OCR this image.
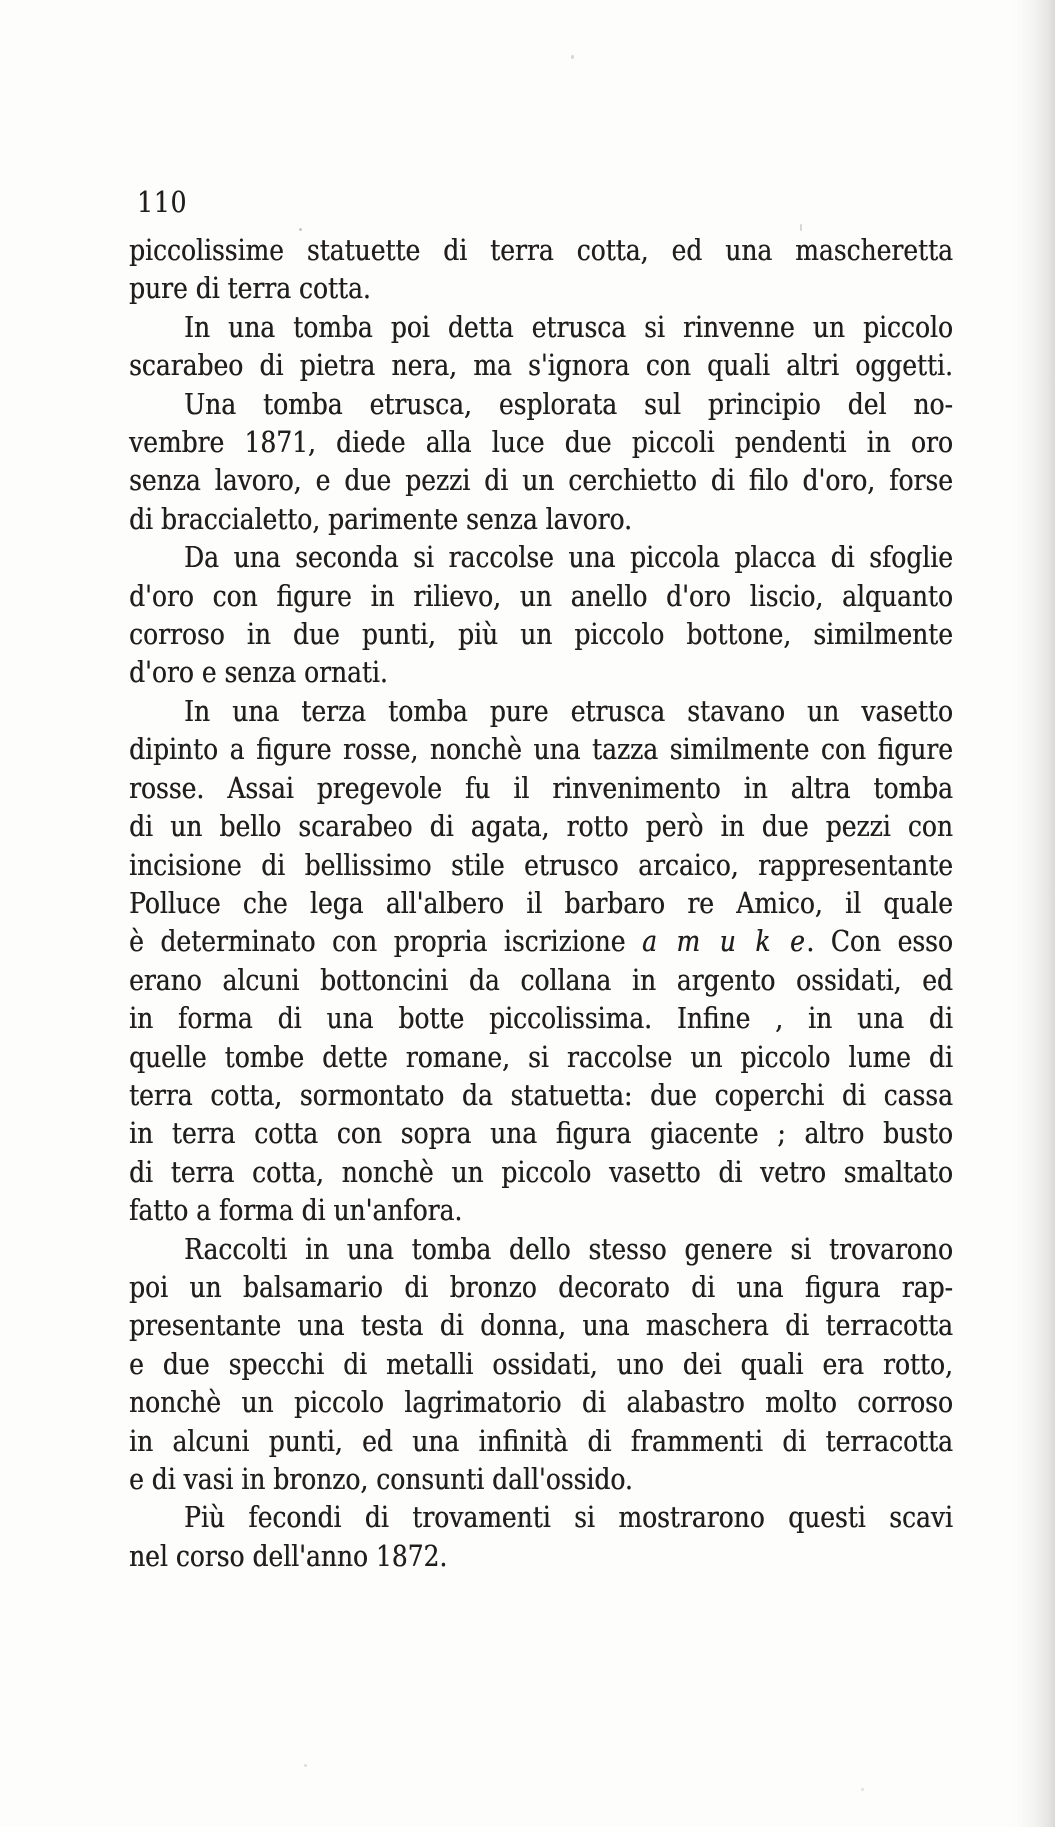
110
piccolissime statuette di terra cotta, ed una mascheretta
pure di terra cotta.
In una tomba poi detta etrusca si rinvenne un piccolo
scarabeo di pietra nera, ma s'ignora con quali altri oggetti.
Una tomba etrusca, esplorata sul principio del no-
vembre 1871, diede alla luce due piccoli pendenti in oro
senza lavoro, e due pezzi di un cerchietto di filo d'oro, forse
di braccialetto, parimente senza lavoro.
Da una seconda si raccolse una piccola placca di sfoglie
d'oro con figure in rilievo, un anello d'oro liscio, alquanto
corroso in due punti, più un piccolo bottone, similmente
d'oro e senza ornati.
In una terza tomba pure etrusca stavano un vasetto
dipinto a figure rosse, nonchè una tazza similmente con figure
rosse. Assai pregevole fu il rinvenimento in altra tomba
di un bello scarabeo di agata, rotto però in due pezzi con
incisione di bellissimo stile etrusco arcaico, rappresentante
Polluce che lega all'albero il barbaro re Amico, il quale
è determinato con propria iscrizione a m u k e. Con esso
erano alcuni bottoncini da collana in argento ossidati, ed
in forma di una botte piccolissima. Infine , in una di
quelle tombe dette romane, si raccolse un piccolo lume di
terra cotta, sormontato da statuetta: due coperchi di cassa
in terra cotta con sopra una figura giacente ; altro busto
di terra cotta, nonchè un piccolo vasetto di vetro smaltato
fatto a forma di un'anfora.
Raccolti in una tomba dello stesso genere si trovarono
poi un balsamario di bronzo decorato di una figura rap-
presentante una testa di donna, una maschera di terracotta
e due specchi di metalli ossidati, uno dei quali era rotto,
nonchè un piccolo lagrimatorio di alabastro molto corroso
in alcuni punti, ed una infinità di frammenti di terracotta
e di vasi in bronzo, consunti dall'ossido.
Più fecondi di trovamenti si mostrarono questi scavi
nel corso dell'anno 1872.
